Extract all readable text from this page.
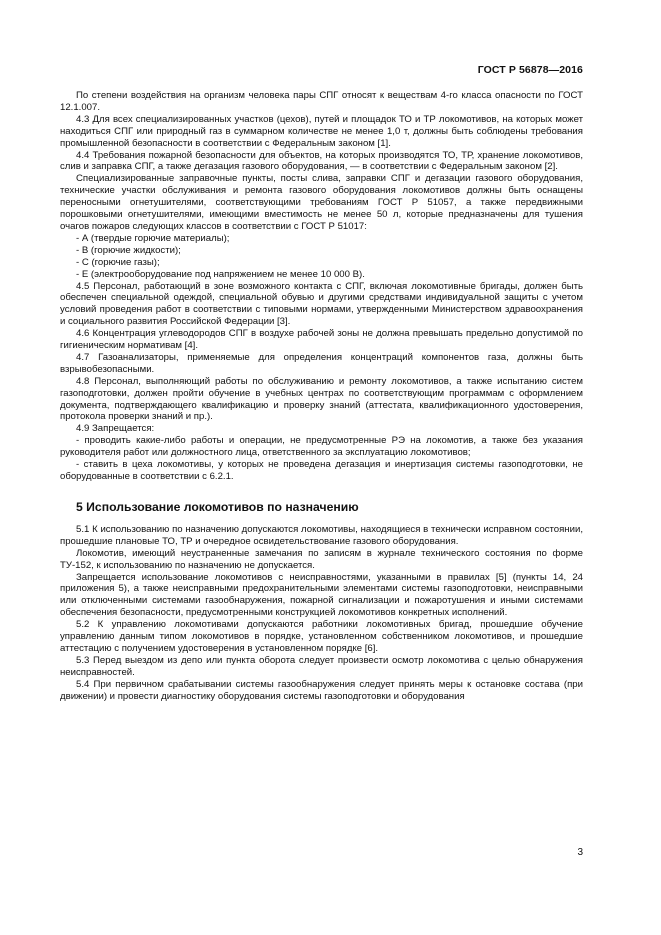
ГОСТ Р 56878—2016

По степени воздействия на организм человека пары СПГ относят к веществам 4-го класса опасности по ГОСТ 12.1.007.

4.3 Для всех специализированных участков (цехов), путей и площадок ТО и ТР локомотивов, на которых может находиться СПГ или природный газ в суммарном количестве не менее 1,0 т, должны быть соблюдены требования промышленной безопасности в соответствии с Федеральным законом [1].

4.4 Требования пожарной безопасности для объектов, на которых производятся ТО, ТР, хранение локомотивов, слив и заправка СПГ, а также дегазация газового оборудования, — в соответствии с Федеральным законом [2].

Специализированные заправочные пункты, посты слива, заправки СПГ и дегазации газового оборудования, технические участки обслуживания и ремонта газового оборудования локомотивов должны быть оснащены переносными огнетушителями, соответствующими требованиям ГОСТ Р 51057, а также передвижными порошковыми огнетушителями, имеющими вместимость не менее 50 л, которые предназначены для тушения очагов пожаров следующих классов в соответствии с ГОСТ Р 51017:

- А (твердые горючие материалы);

- В (горючие жидкости);

- С (горючие газы);

- Е (электрооборудование под напряжением не менее 10 000 В).

4.5 Персонал, работающий в зоне возможного контакта с СПГ, включая локомотивные бригады, должен быть обеспечен специальной одеждой, специальной обувью и другими средствами индивидуальной защиты с учетом условий проведения работ в соответствии с типовыми нормами, утвержденными Министерством здравоохранения и социального развития Российской Федерации [3].

4.6 Концентрация углеводородов СПГ в воздухе рабочей зоны не должна превышать предельно допустимой по гигиеническим нормативам [4].

4.7 Газоанализаторы, применяемые для определения концентраций компонентов газа, должны быть взрывобезопасными.

4.8 Персонал, выполняющий работы по обслуживанию и ремонту локомотивов, а также испытанию систем газоподготовки, должен пройти обучение в учебных центрах по соответствующим программам с оформлением документа, подтверждающего квалификацию и проверку знаний (аттестата, квалификационного удостоверения, протокола проверки знаний и пр.).

4.9 Запрещается:

- проводить какие-либо работы и операции, не предусмотренные РЭ на локомотив, а также без указания руководителя работ или должностного лица, ответственного за эксплуатацию локомотивов;

- ставить в цеха локомотивы, у которых не проведена дегазация и инертизация системы газоподготовки, не оборудованные в соответствии с 6.2.1.

5 Использование локомотивов по назначению

5.1 К использованию по назначению допускаются локомотивы, находящиеся в технически исправном состоянии, прошедшие плановые ТО, ТР и очередное освидетельствование газового оборудования.

Локомотив, имеющий неустраненные замечания по записям в журнале технического состояния по форме ТУ-152, к использованию по назначению не допускается.

Запрещается использование локомотивов с неисправностями, указанными в правилах [5] (пункты 14, 24 приложения 5), а также неисправными предохранительными элементами системы газоподготовки, неисправными или отключенными системами газообнаружения, пожарной сигнализации и пожаротушения и иными системами обеспечения безопасности, предусмотренными конструкцией локомотивов конкретных исполнений.

5.2 К управлению локомотивами допускаются работники локомотивных бригад, прошедшие обучение управлению данным типом локомотивов в порядке, установленном собственником локомотивов, и прошедшие аттестацию с получением удостоверения в установленном порядке [6].

5.3 Перед выездом из депо или пункта оборота следует произвести осмотр локомотива с целью обнаружения неисправностей.

5.4 При первичном срабатывании системы газообнаружения следует принять меры к остановке состава (при движении) и провести диагностику оборудования системы газоподготовки и оборудования

3
